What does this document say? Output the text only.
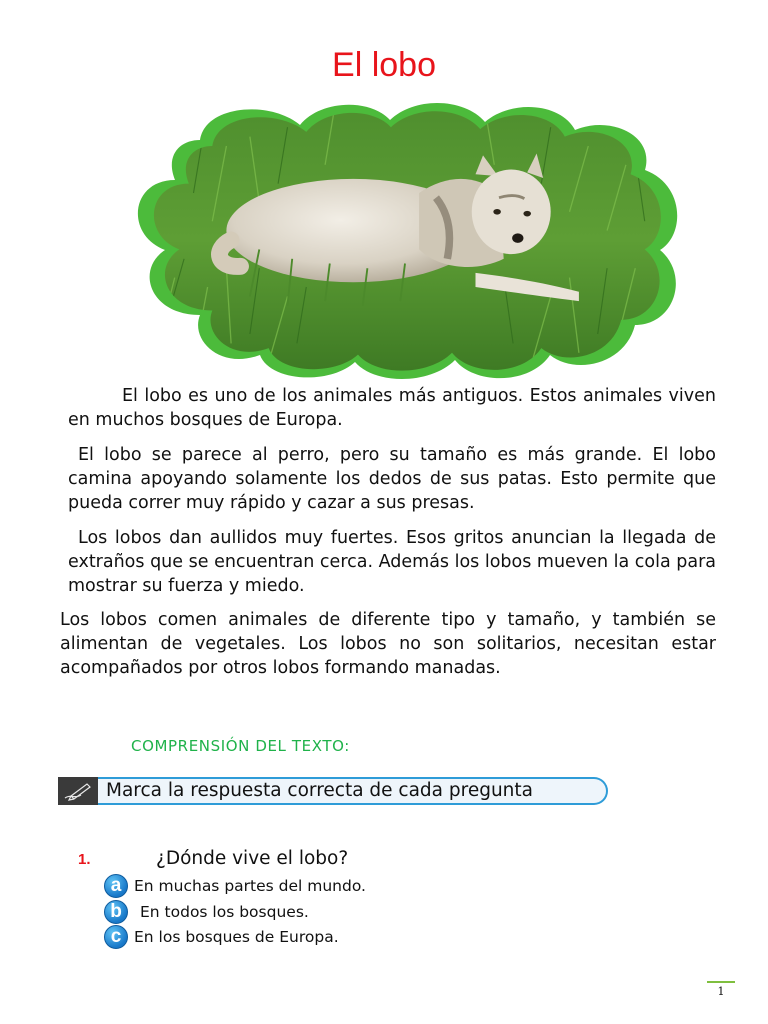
El lobo

El lobo es uno de los animales más antiguos. Estos animales viven en muchos bosques de Europa.

El lobo se parece al perro, pero su tamaño es más grande. El lobo camina apoyando solamente los dedos de sus patas. Esto permite que pueda correr muy rápido y cazar a sus presas.

Los lobos dan aullidos muy fuertes. Esos gritos anuncian la llegada de extraños que se encuentran cerca. Además los lobos mueven la cola para mostrar su fuerza y miedo.

Los lobos comen animales de diferente tipo y tamaño, y también se alimentan de vegetales. Los lobos no son solitarios, necesitan estar acompañados por otros lobos formando manadas.

COMPRENSIÓN DEL TEXTO:
Marca la respuesta correcta de cada pregunta
1.	¿Dónde vive el lobo?
a En muchas partes del mundo.
b	En todos los bosques.
c En los bosques de Europa.
1
